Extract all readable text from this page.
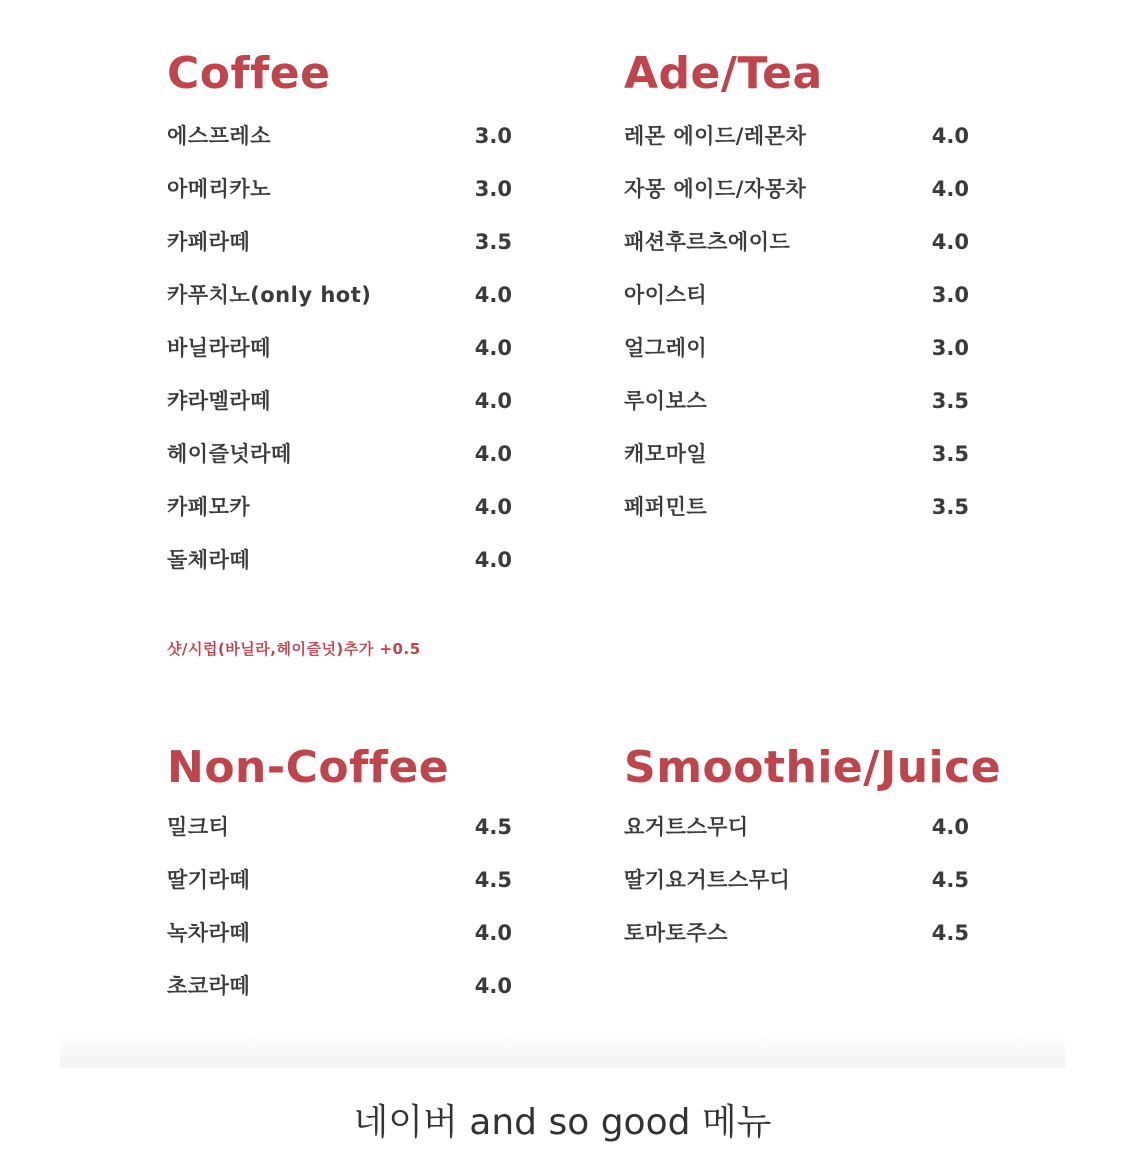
Coffee
에스프레소	3.0
아메리카노	3.0
카페라떼	3.5
카푸치노(only hot)	4.0
바닐라라떼	4.0
캬라멜라떼	4.0
헤이즐넛라떼	4.0
카페모카	4.0
돌체라떼	4.0
샷/시럽(바닐라,헤이즐넛)추가 +0.5
Ade/Tea
레몬 에이드/레몬차	4.0
자몽 에이드/자몽차	4.0
패션후르츠에이드	4.0
아이스티	3.0
얼그레이	3.0
루이보스	3.5
캐모마일	3.5
페퍼민트	3.5
Non-Coffee
밀크티	4.5
딸기라떼	4.5
녹차라떼	4.0
초코라떼	4.0
Smoothie/Juice
요거트스무디	4.0
딸기요거트스무디	4.5
토마토주스	4.5
네이버 and so good 메뉴
